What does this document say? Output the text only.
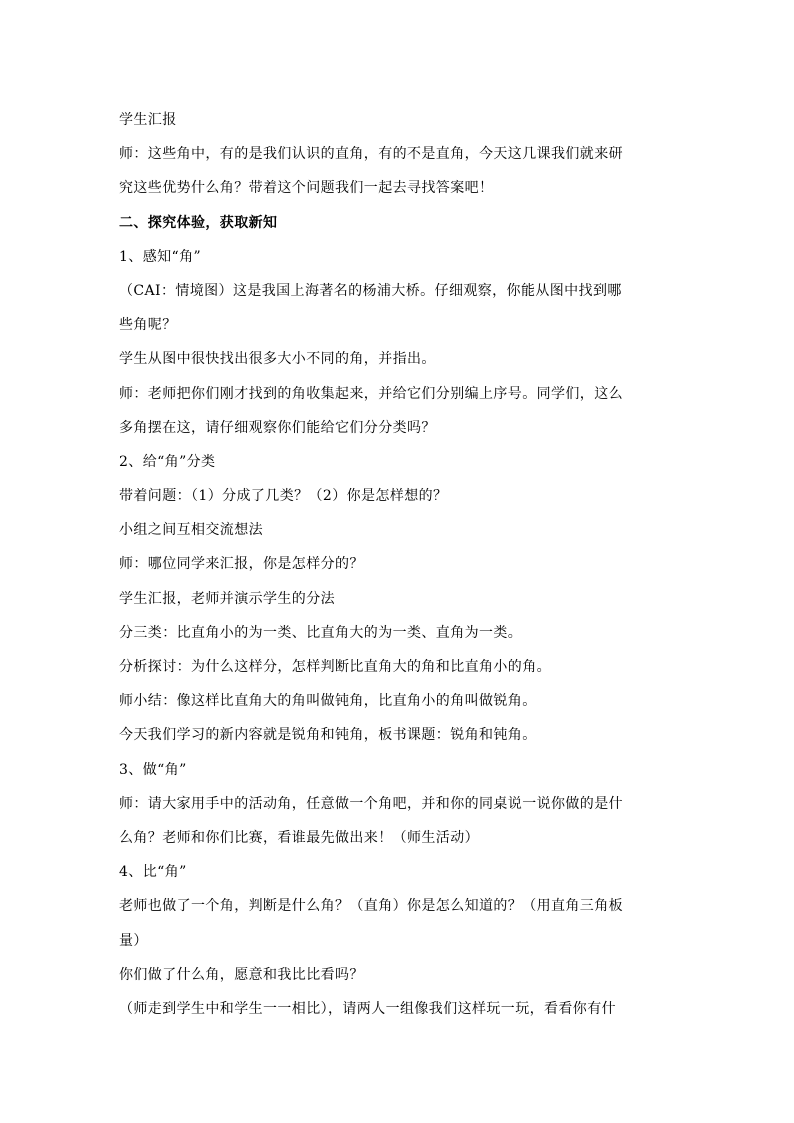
学生汇报
师：这些角中，有的是我们认识的直角，有的不是直角，今天这几课我们就来研
究这些优势什么角？带着这个问题我们一起去寻找答案吧！
二、探究体验，获取新知
1、感知“角”
（CAI：情境图）这是我国上海著名的杨浦大桥。仔细观察，你能从图中找到哪
些角呢？
学生从图中很快找出很多大小不同的角，并指出。
师：老师把你们刚才找到的角收集起来，并给它们分别编上序号。同学们，这么
多角摆在这，请仔细观察你们能给它们分分类吗？
2、给“角”分类
带着问题：（1）分成了几类？（2）你是怎样想的？
小组之间互相交流想法
师：哪位同学来汇报，你是怎样分的？
学生汇报，老师并演示学生的分法
分三类：比直角小的为一类、比直角大的为一类、直角为一类。
分析探讨：为什么这样分，怎样判断比直角大的角和比直角小的角。
师小结：像这样比直角大的角叫做钝角，比直角小的角叫做锐角。
今天我们学习的新内容就是锐角和钝角，板书课题：锐角和钝角。
3、做“角”
师：请大家用手中的活动角，任意做一个角吧，并和你的同桌说一说你做的是什
么角？老师和你们比赛，看谁最先做出来！（师生活动）
4、比“角”
老师也做了一个角，判断是什么角？（直角）你是怎么知道的？（用直角三角板
量）
你们做了什么角，愿意和我比比看吗？
（师走到学生中和学生一一相比），请两人一组像我们这样玩一玩，看看你有什
